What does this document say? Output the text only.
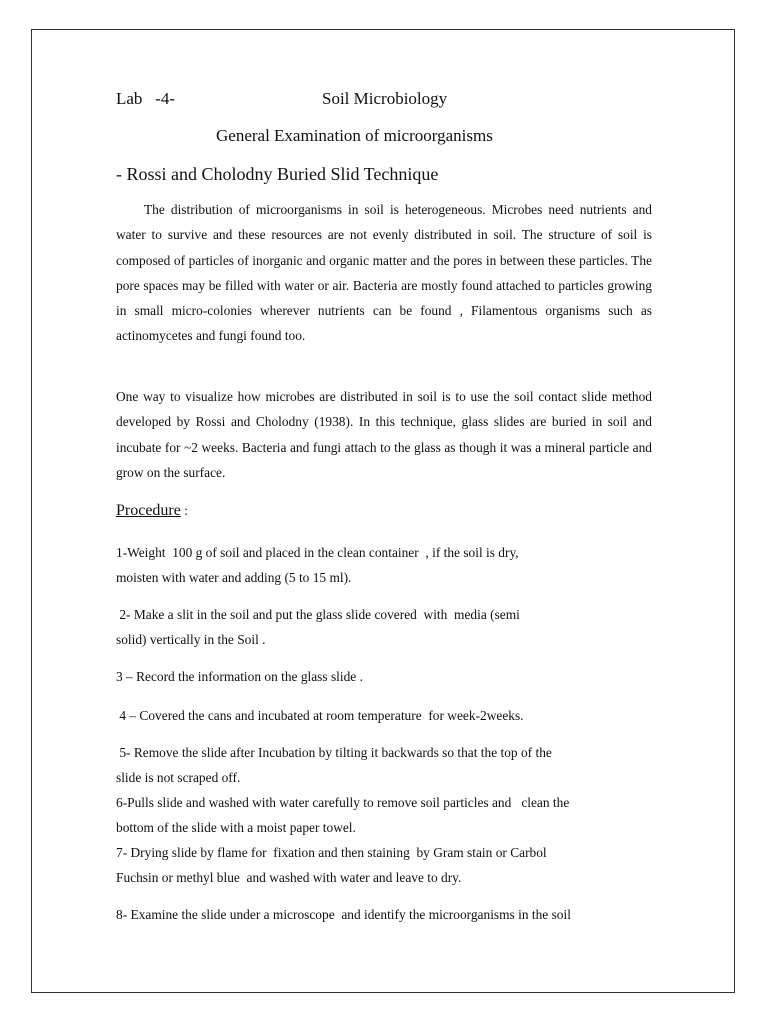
Lab   -4-	Soil Microbiology
General Examination of microorganisms
- Rossi and Cholodny Buried Slid Technique
The distribution of microorganisms in soil is heterogeneous. Microbes need nutrients and water to survive and these resources are not evenly distributed in soil. The structure of soil is composed of particles of inorganic and organic matter and the pores in between these particles. The pore spaces may be filled with water or air. Bacteria are mostly found attached to particles growing in small micro-colonies wherever nutrients can be found , Filamentous organisms such as actinomycetes and fungi found too.
One way to visualize how microbes are distributed in soil is to use the soil contact slide method developed by Rossi and Cholodny (1938). In this technique, glass slides are buried in soil and incubate for ~2 weeks. Bacteria and fungi attach to the glass as though it was a mineral particle and grow on the surface.
Procedure :
1-Weight  100 g of soil and placed in the clean container  , if the soil is dry,
moisten with water and adding (5 to 15 ml).
2- Make a slit in the soil and put the glass slide covered  with  media (semi
solid) vertically in the Soil .
3 – Record the information on the glass slide .
4 – Covered the cans and incubated at room temperature  for week-2weeks.
5- Remove the slide after Incubation by tilting it backwards so that the top of the
slide is not scraped off.
6-Pulls slide and washed with water carefully to remove soil particles and   clean the
bottom of the slide with a moist paper towel.
7- Drying slide by flame for  fixation and then staining  by Gram stain or Carbol
Fuchsin or methyl blue  and washed with water and leave to dry.
8- Examine the slide under a microscope  and identify the microorganisms in the soil
